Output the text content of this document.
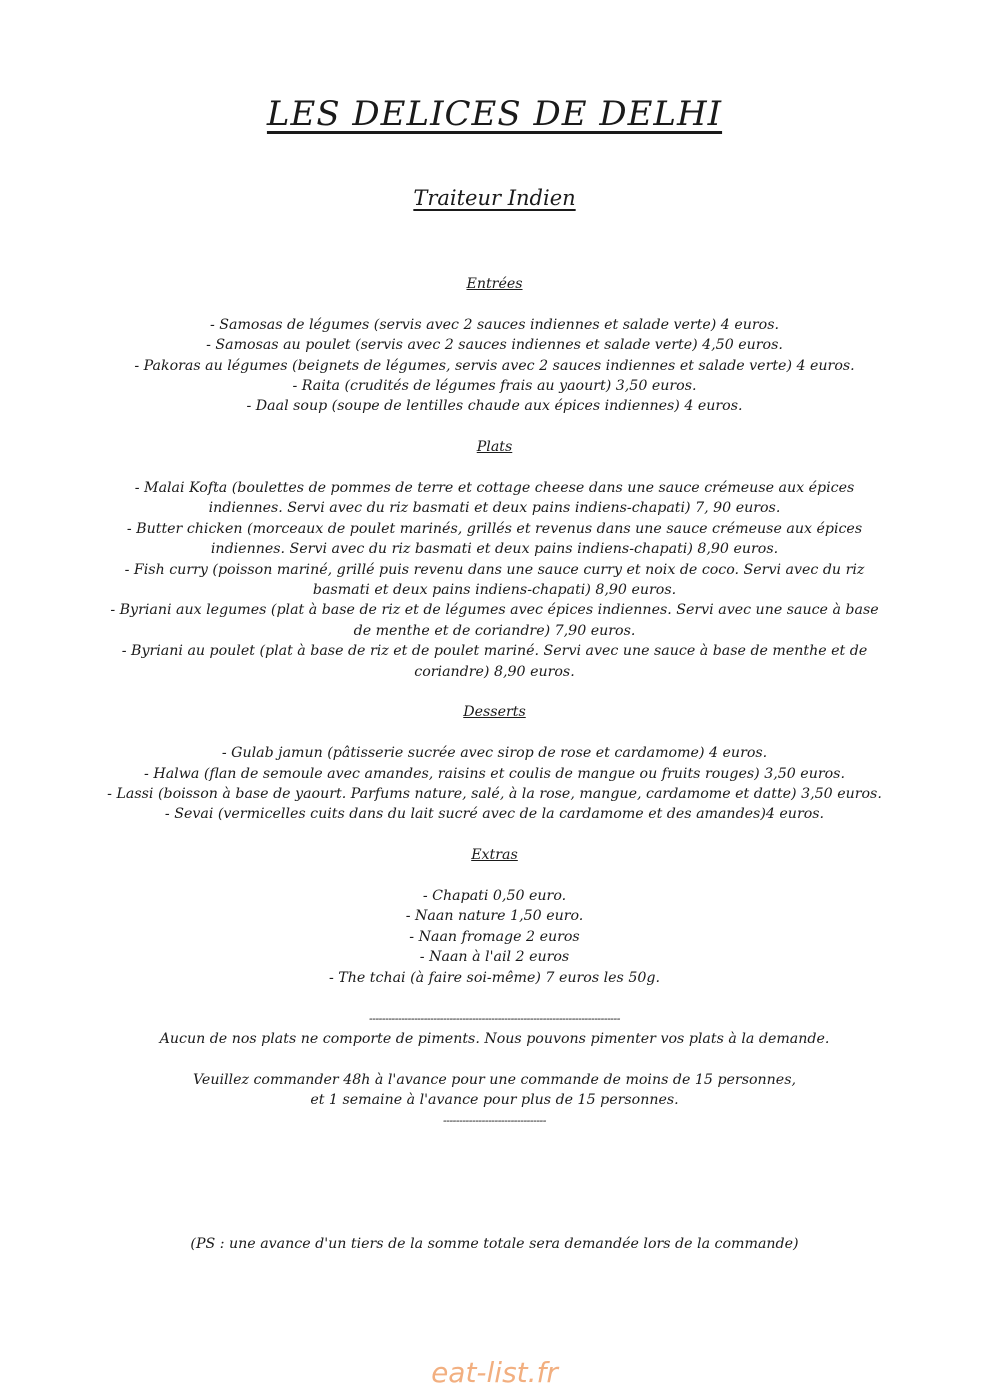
LES DELICES DE DELHI
Traiteur Indien
Entrées
- Samosas de légumes (servis avec 2 sauces indiennes et salade verte) 4 euros.
- Samosas au poulet (servis avec 2 sauces indiennes et salade verte) 4,50 euros.
- Pakoras au légumes (beignets de légumes, servis avec 2 sauces indiennes et salade verte) 4 euros.
- Raita (crudités de légumes frais au yaourt) 3,50 euros.
- Daal soup (soupe de lentilles chaude aux épices indiennes) 4 euros.
Plats
- Malai Kofta (boulettes de pommes de terre et cottage cheese dans une sauce crémeuse aux épices indiennes. Servi avec du riz basmati et deux pains indiens-chapati) 7, 90 euros.
- Butter chicken (morceaux de poulet marinés, grillés et revenus dans une sauce crémeuse aux épices indiennes. Servi avec du riz basmati et deux pains indiens-chapati) 8,90 euros.
- Fish curry (poisson mariné, grillé puis revenu dans une sauce curry et noix de coco. Servi avec du riz basmati et deux pains indiens-chapati) 8,90 euros.
- Byriani aux legumes (plat à base de riz et de légumes avec épices indiennes. Servi avec une sauce à base de menthe et de coriandre) 7,90 euros.
- Byriani au poulet (plat à base de riz et de poulet mariné. Servi avec une sauce à base de menthe et de coriandre) 8,90 euros.
Desserts
- Gulab jamun (pâtisserie sucrée avec sirop de rose et cardamome) 4 euros.
- Halwa (flan de semoule avec amandes, raisins et coulis de mangue ou fruits rouges) 3,50 euros.
- Lassi (boisson à base de yaourt. Parfums nature, salé, à la rose, mangue, cardamome et datte) 3,50 euros.
- Sevai (vermicelles cuits dans du lait sucré avec de la cardamome et des amandes)4 euros.
Extras
- Chapati 0,50 euro.
- Naan nature 1,50 euro.
- Naan fromage 2 euros
- Naan à l'ail 2 euros
- The tchai (à faire soi-même) 7 euros les 50g.

------------------------------------------------------------------------------

Aucun de nos plats ne comporte de piments. Nous pouvons pimenter vos plats à la demande.

Veuillez commander 48h à l'avance pour une commande de moins de 15 personnes,

et 1 semaine à l'avance pour plus de 15 personnes.

--------------------------------

(PS : une avance d'un tiers de la somme totale sera demandée lors de la commande)

eat-list.fr
